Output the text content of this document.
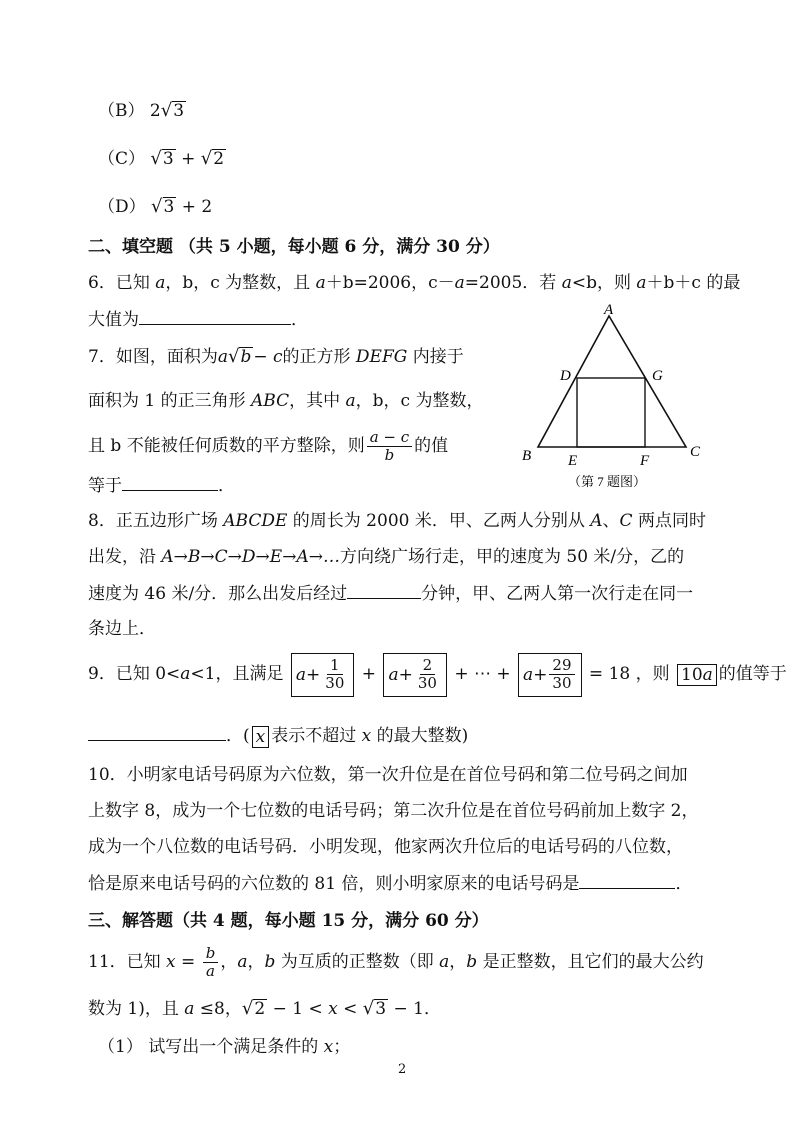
（B） 2√3
（C） √3 + √2
（D） √3 + 2
二、填空题 （共 5 小题，每小题 6 分，满分 30 分）
6．已知 a，b，c 为整数，且 a＋b=2006，c－a=2005．若 a<b，则 a＋b＋c 的最
大值为	．
7．如图，面积为a√b − c的正方形 DEFG 内接于
面积为 1 的正三角形 ABC，其中 a，b，c 为整数，
且 b 不能被任何质数的平方整除，则 $\frac{a - c}{b}$ 的值
等于	．
A
B	C
D
E	F
G
（第 7 题图）
8．正五边形广场 ABCDE 的周长为 2000 米．甲、乙两人分别从 A、C 两点同时
出发，沿 A→B→C→D→E→A→…方向绕广场行走，甲的速度为 50 米/分，乙的
速度为 46 米/分．那么出发后经过	分钟，甲、乙两人第一次行走在同一
条边上．
9．已知 0<a<1，且满足 $a + \frac{1}{30} + a + \frac{2}{30}$ + ⋯ + $a + \frac{29}{30} = 18$ ，则 10 a 的值等于
．( x 表示不超过 x 的最大整数)
10．小明家电话号码原为六位数，第一次升位是在首位号码和第二位号码之间加
上数字 8，成为一个七位数的电话号码；第二次升位是在首位号码前加上数字 2，
成为一个八位数的电话号码．小明发现，他家两次升位后的电话号码的八位数，
恰是原来电话号码的六位数的 81 倍，则小明家原来的电话号码是	．
三、解答题（共 4 题，每小题 15 分，满分 60 分）
11．已知 $x = \frac{b}{a}$ ，a，b 为互质的正整数（即 a，b 是正整数，且它们的最大公约
数为 1)，且 a ≤8，√2 − 1 < x < √3 − 1．
（1） 试写出一个满足条件的 x；
2
